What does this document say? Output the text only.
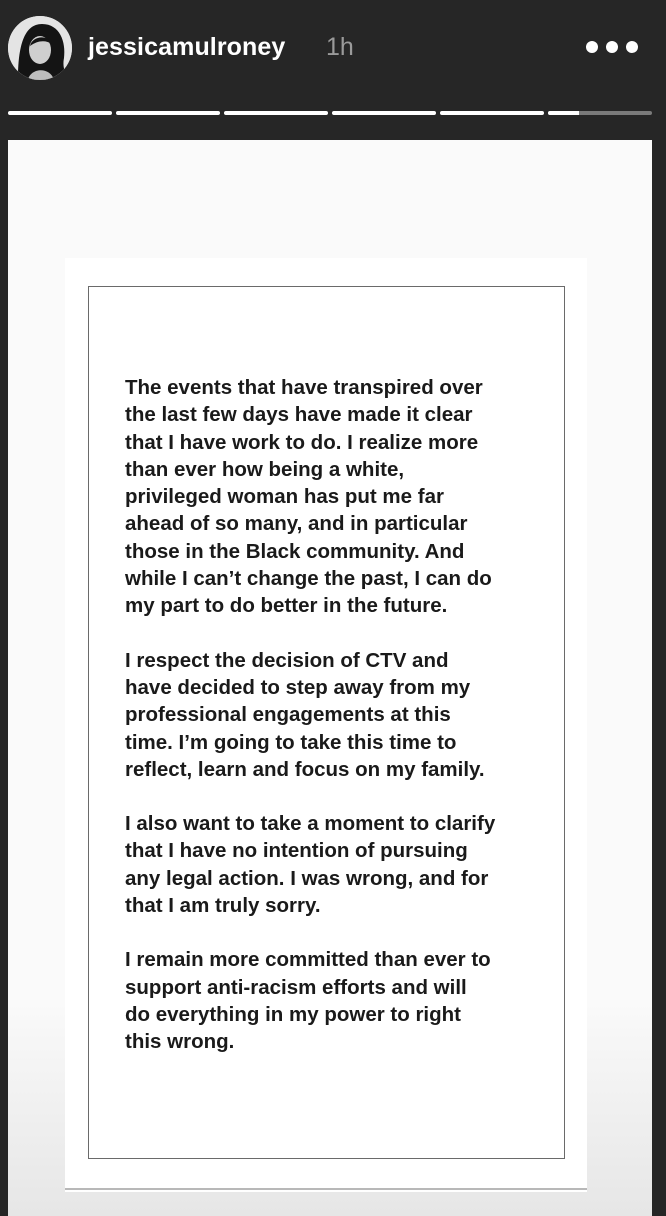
jessicamulroney 1h

The events that have transpired over
the last few days have made it clear
that I have work to do. I realize more
than ever how being a white,
privileged woman has put me far
ahead of so many, and in particular
those in the Black community. And
while I can’t change the past, I can do
my part to do better in the future.

I respect the decision of CTV and
have decided to step away from my
professional engagements at this
time. I’m going to take this time to
reflect, learn and focus on my family.

I also want to take a moment to clarify
that I have no intention of pursuing
any legal action. I was wrong, and for
that I am truly sorry.

I remain more committed than ever to
support anti-racism efforts and will
do everything in my power to right
this wrong.
